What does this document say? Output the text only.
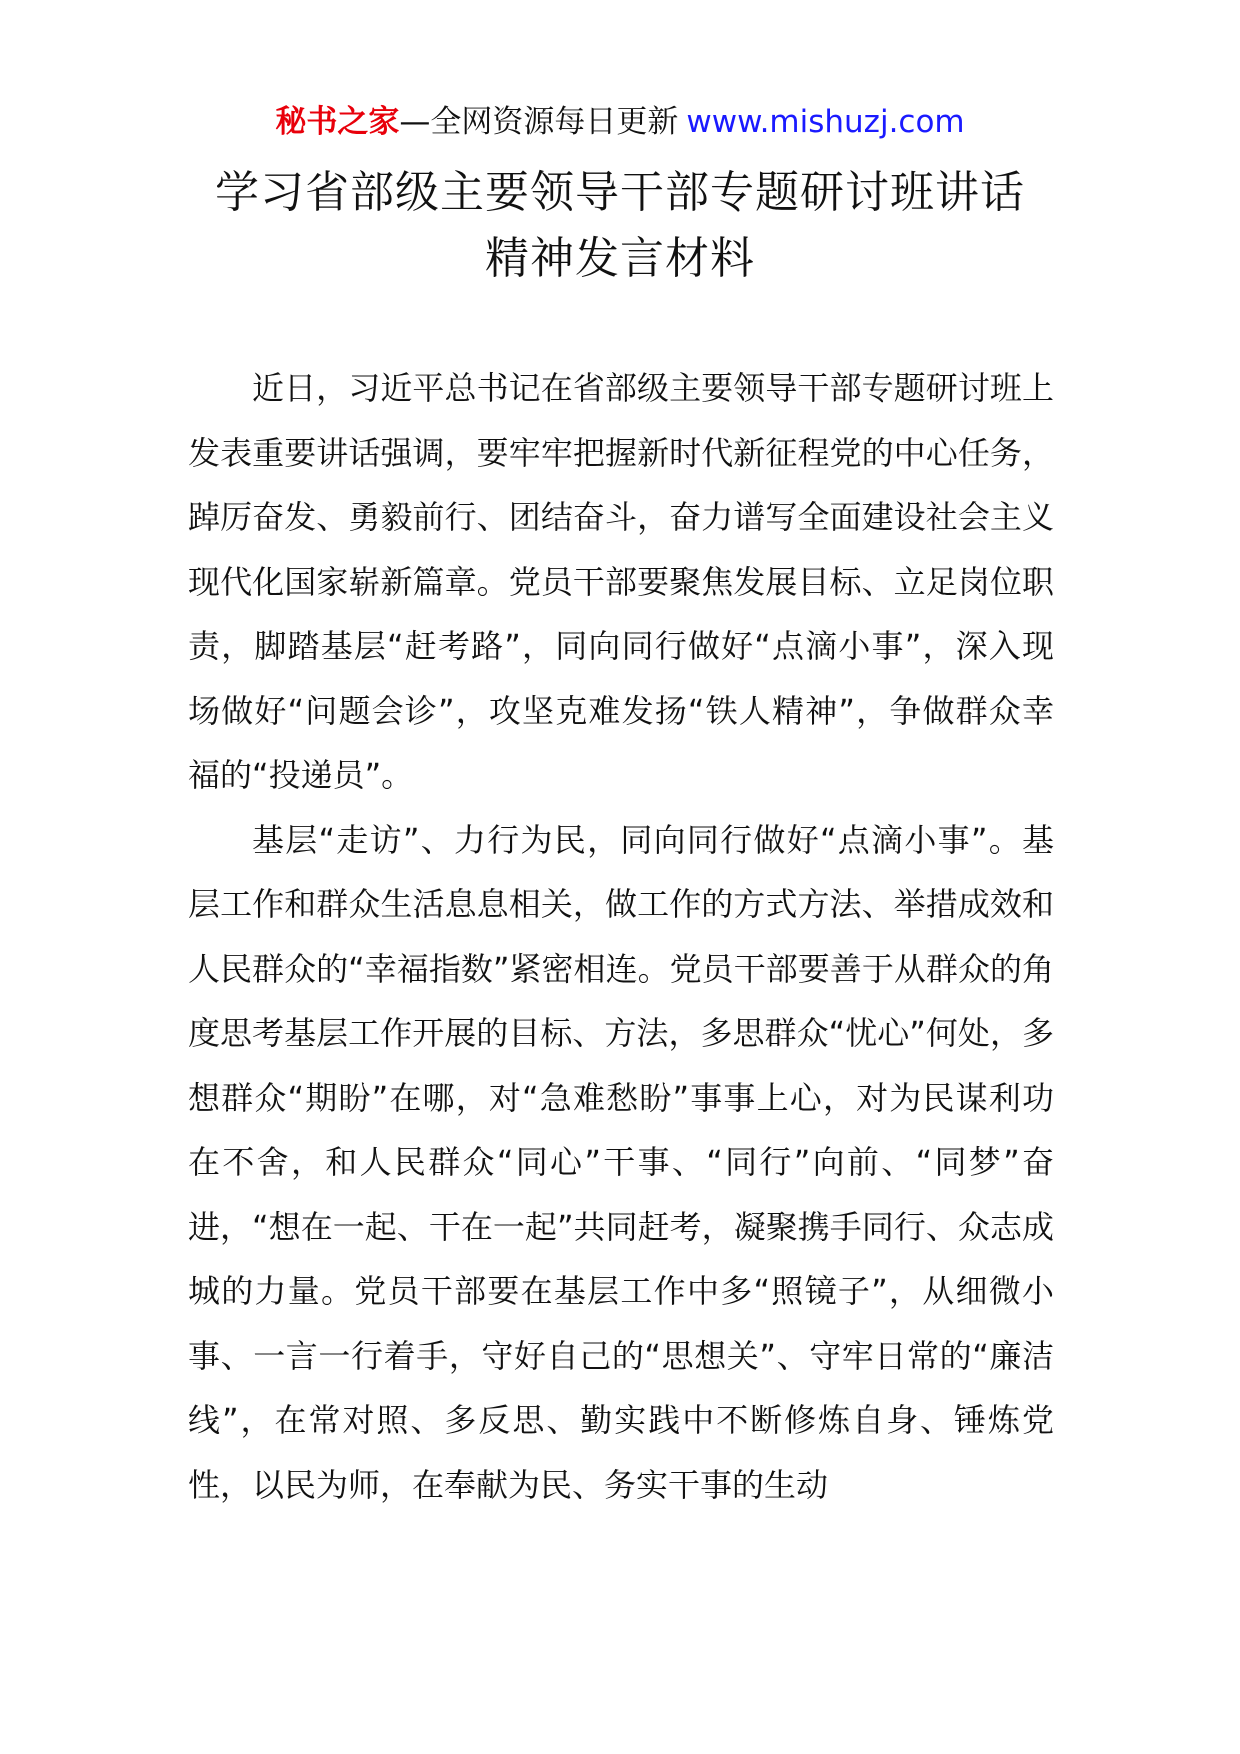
秘书之家—全网资源每日更新 www.mishuzj.com
学习省部级主要领导干部专题研讨班讲话
精神发言材料

近日，习近平总书记在省部级主要领导干部专题研讨班上发表重要讲话强调，要牢牢把握新时代新征程党的中心任务，踔厉奋发、勇毅前行、团结奋斗，奋力谱写全面建设社会主义现代化国家崭新篇章。党员干部要聚焦发展目标、立足岗位职责，脚踏基层“赶考路”，同向同行做好“点滴小事”，深入现场做好“问题会诊”，攻坚克难发扬“铁人精神”，争做群众幸福的“投递员”。

基层“走访”、力行为民，同向同行做好“点滴小事”。基层工作和群众生活息息相关，做工作的方式方法、举措成效和人民群众的“幸福指数”紧密相连。党员干部要善于从群众的角度思考基层工作开展的目标、方法，多思群众“忧心”何处，多想群众“期盼”在哪，对“急难愁盼”事事上心，对为民谋利功在不舍，和人民群众“同心”干事、“同行”向前、“同梦”奋进，“想在一起、干在一起”共同赶考，凝聚携手同行、众志成城的力量。党员干部要在基层工作中多“照镜子”，从细微小事、一言一行着手，守好自己的“思想关”、守牢日常的“廉洁线”，在常对照、多反思、勤实践中不断修炼自身、锤炼党性，以民为师，在奉献为民、务实干事的生动
